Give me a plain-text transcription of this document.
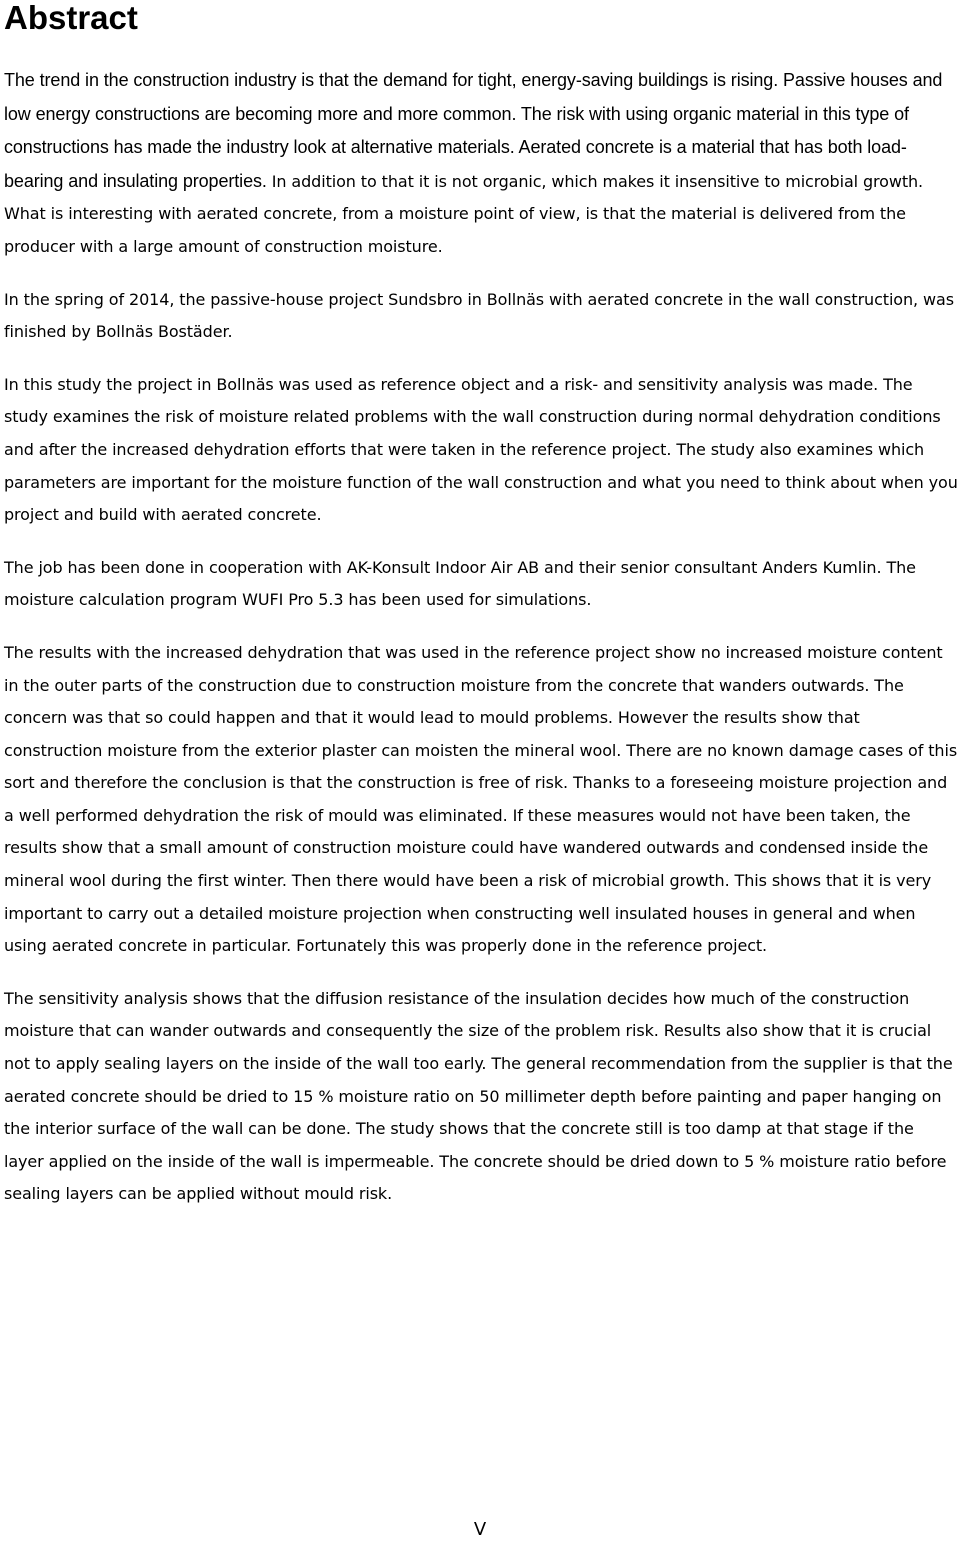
Abstract

The trend in the construction industry is that the demand for tight, energy-saving buildings is rising. Passive houses and low energy constructions are becoming more and more common. The risk with using organic material in this type of constructions has made the industry look at alternative materials. Aerated concrete is a material that has both load-bearing and insulating properties. In addition to that it is not organic, which makes it insensitive to microbial growth. What is interesting with aerated concrete, from a moisture point of view, is that the material is delivered from the producer with a large amount of construction moisture.

In the spring of 2014, the passive-house project Sundsbro in Bollnäs with aerated concrete in the wall construction, was finished by Bollnäs Bostäder.

In this study the project in Bollnäs was used as reference object and a risk- and sensitivity analysis was made. The study examines the risk of moisture related problems with the wall construction during normal dehydration conditions and after the increased dehydration efforts that were taken in the reference project. The study also examines which parameters are important for the moisture function of the wall construction and what you need to think about when you project and build with aerated concrete.

The job has been done in cooperation with AK-Konsult Indoor Air AB and their senior consultant Anders Kumlin. The moisture calculation program WUFI Pro 5.3 has been used for simulations.

The results with the increased dehydration that was used in the reference project show no increased moisture content in the outer parts of the construction due to construction moisture from the concrete that wanders outwards. The concern was that so could happen and that it would lead to mould problems. However the results show that construction moisture from the exterior plaster can moisten the mineral wool. There are no known damage cases of this sort and therefore the conclusion is that the construction is free of risk. Thanks to a foreseeing moisture projection and a well performed dehydration the risk of mould was eliminated. If these measures would not have been taken, the results show that a small amount of construction moisture could have wandered outwards and condensed inside the mineral wool during the first winter. Then there would have been a risk of microbial growth. This shows that it is very important to carry out a detailed moisture projection when constructing well insulated houses in general and when using aerated concrete in particular. Fortunately this was properly done in the reference project.

The sensitivity analysis shows that the diffusion resistance of the insulation decides how much of the construction moisture that can wander outwards and consequently the size of the problem risk. Results also show that it is crucial not to apply sealing layers on the inside of the wall too early. The general recommendation from the supplier is that the aerated concrete should be dried to 15 % moisture ratio on 50 millimeter depth before painting and paper hanging on the interior surface of the wall can be done. The study shows that the concrete still is too damp at that stage if the layer applied on the inside of the wall is impermeable. The concrete should be dried down to 5 % moisture ratio before sealing layers can be applied without mould risk.

V
